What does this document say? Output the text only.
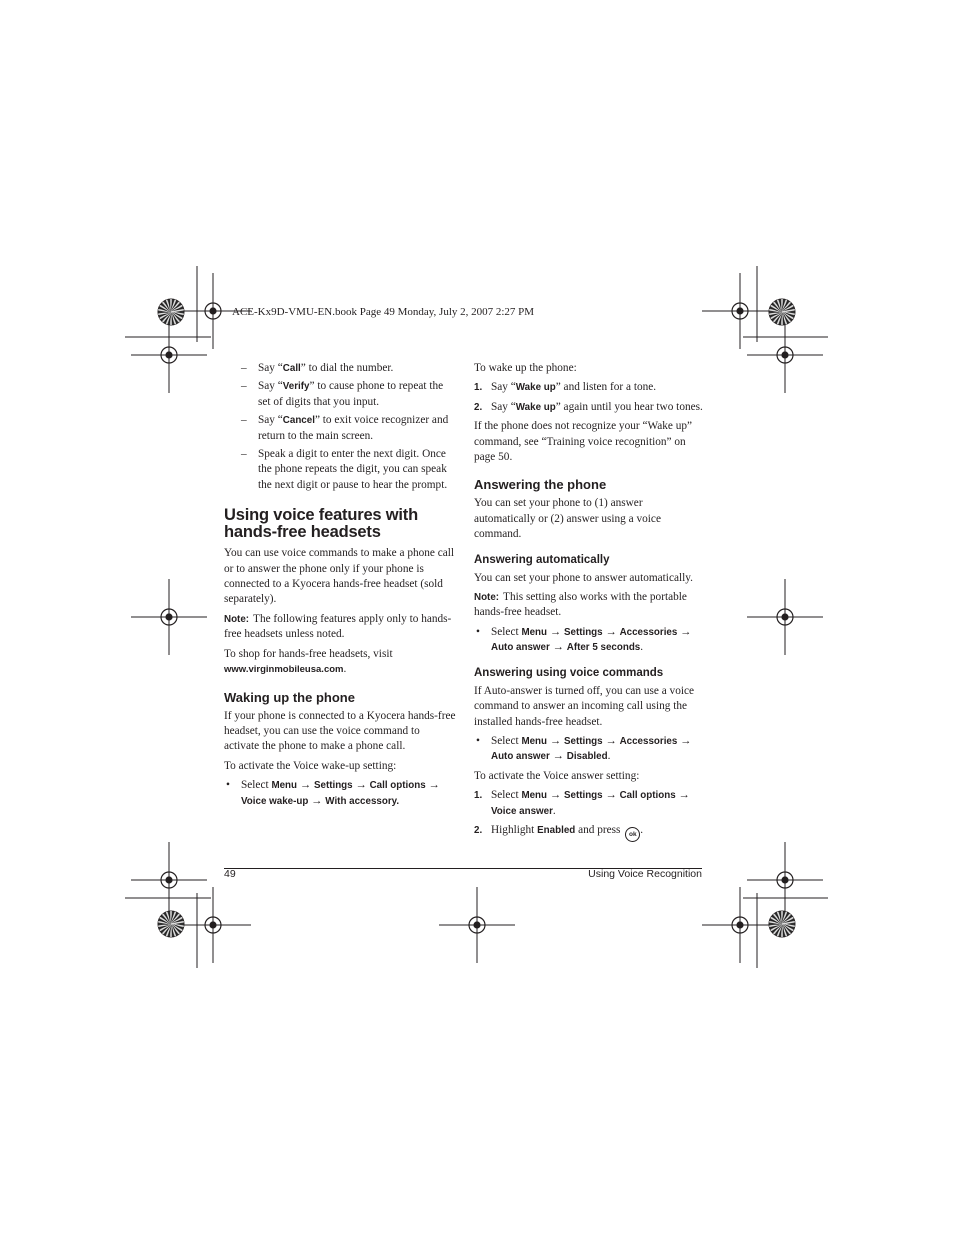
ACE-Kx9D-VMU-EN.book Page 49 Monday, July 2, 2007 2:27 PM
– Say “Call” to dial the number.
– Say “Verify” to cause phone to repeat the set of digits that you input.
– Say “Cancel” to exit voice recognizer and return to the main screen.
– Speak a digit to enter the next digit. Once the phone repeats the digit, you can speak the next digit or pause to hear the prompt.
Using voice features with hands-free headsets

You can use voice commands to make a phone call or to answer the phone only if your phone is connected to a Kyocera hands-free headset (sold separately).

Note: The following features apply only to hands-free headsets unless noted.

To shop for hands-free headsets, visit
www.virginmobileusa.com.

Waking up the phone

If your phone is connected to a Kyocera hands-free headset, you can use the voice command to activate the phone to make a phone call.

To activate the Voice wake-up setting:

• Select Menu → Settings → Call options → Voice wake-up → With accessory.

To wake up the phone:

1. Say “Wake up” and listen for a tone.
2. Say “Wake up” again until you hear two tones.

If the phone does not recognize your “Wake up” command, see “Training voice recognition” on page 50.

Answering the phone

You can set your phone to (1) answer automatically or (2) answer using a voice command.

Answering automatically

You can set your phone to answer automatically.

Note: This setting also works with the portable hands-free headset.

• Select Menu → Settings → Accessories → Auto answer → After 5 seconds.
Answering using voice commands

If Auto-answer is turned off, you can use a voice command to answer an incoming call using the installed hands-free headset.

• Select Menu → Settings → Accessories → Auto answer → Disabled.

To activate the Voice answer setting:

1. Select Menu → Settings → Call options → Voice answer.
2. Highlight Enabled and press ok .
49	Using Voice Recognition
